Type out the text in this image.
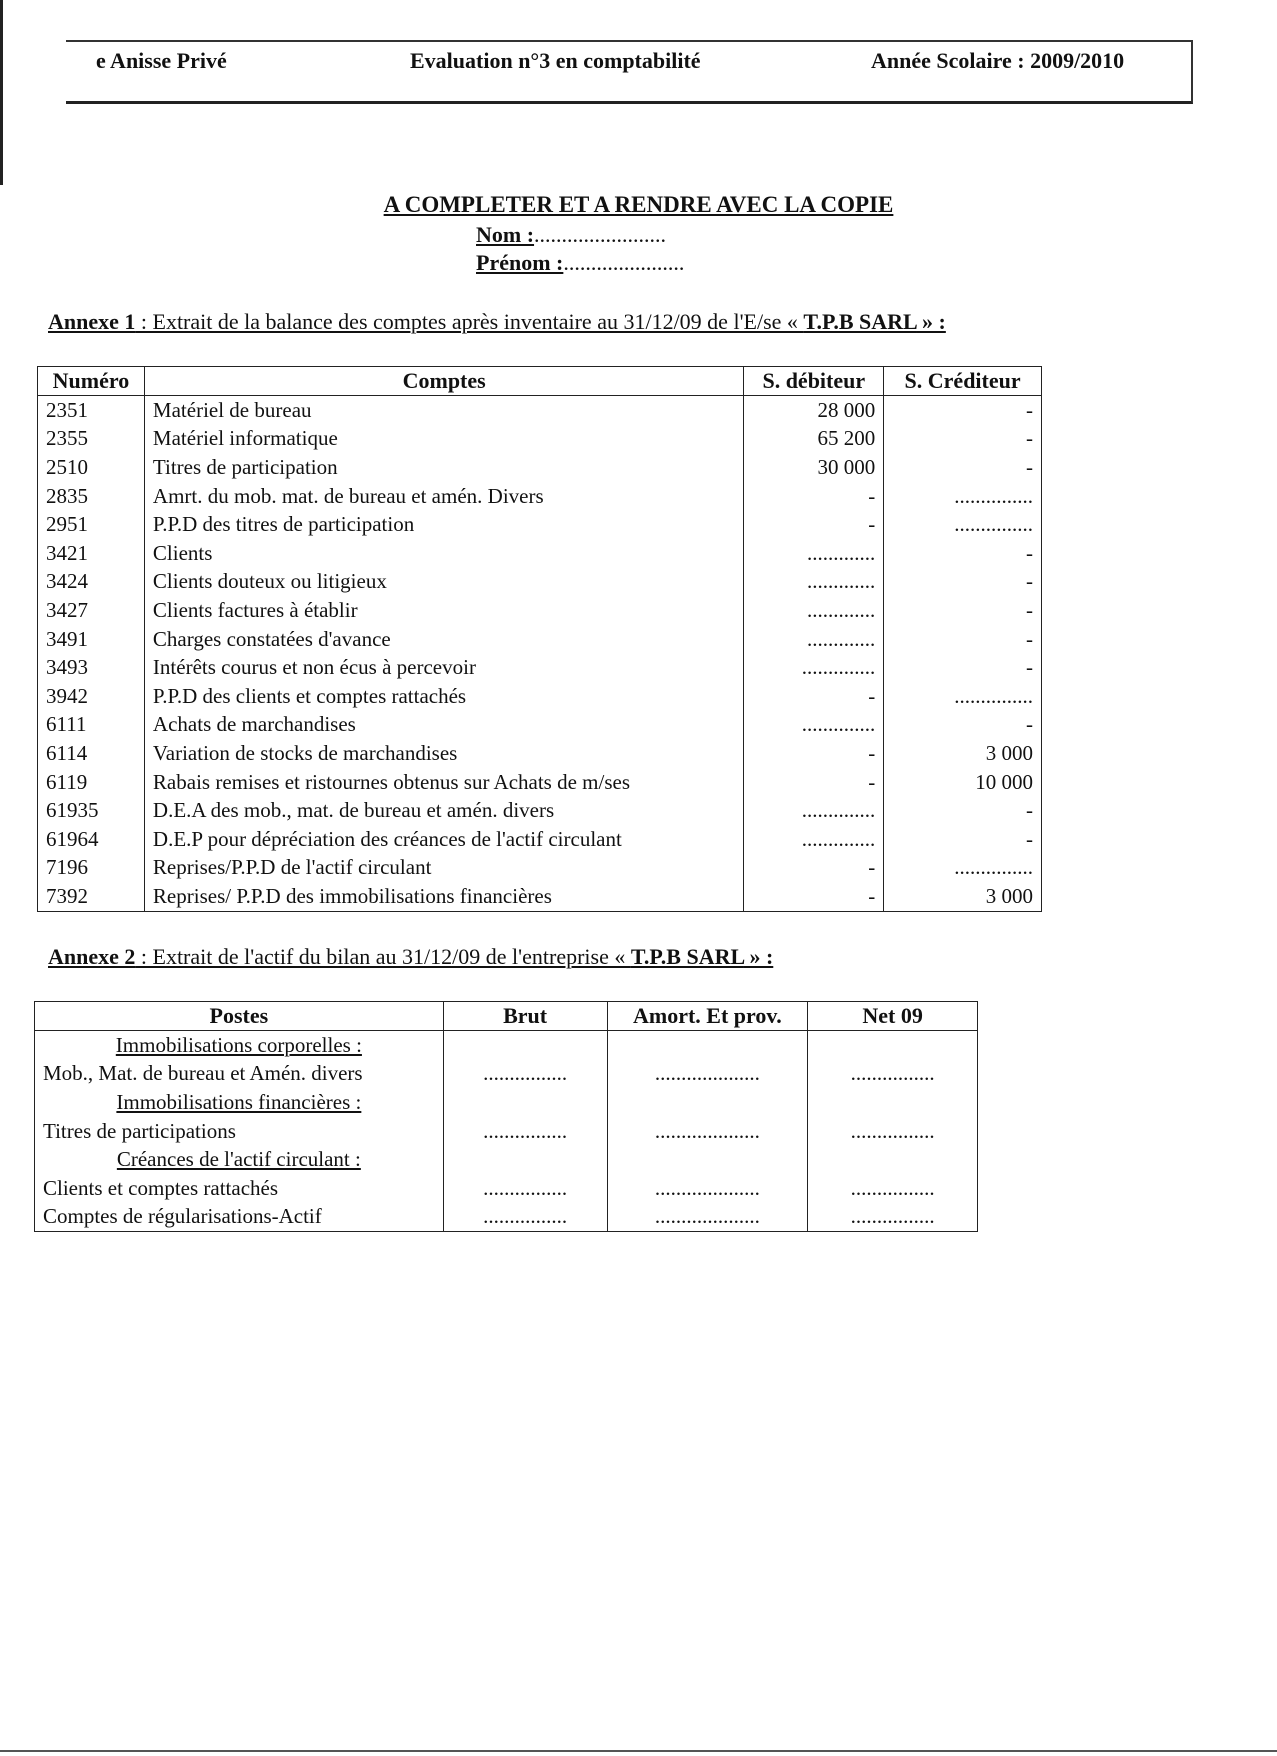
e Anisse Privé	Evaluation n°3 en comptabilité	Année Scolaire : 2009/2010
A COMPLETER ET A RENDRE AVEC LA COPIE
Nom :........................
Prénom :......................
Annexe 1 : Extrait de la balance des comptes après inventaire au 31/12/09 de l'E/se « T.P.B SARL » :
Numéro	Comptes	S. débiteur	S. Créditeur
2351	Matériel de bureau	28 000	-
2355	Matériel informatique	65 200	-
2510	Titres de participation	30 000	-
2835	Amrt. du mob. mat. de bureau et amén. Divers	-	...............
2951	P.P.D des titres de participation	-	...............
3421	Clients	.............	-
3424	Clients douteux ou litigieux	.............	-
3427	Clients factures à établir	.............	-
3491	Charges constatées d'avance	.............	-
3493	Intérêts courus et non écus à percevoir	..............	-
3942	P.P.D des clients et comptes rattachés	-	...............
6111	Achats de marchandises	..............	-
6114	Variation de stocks de marchandises	-	3 000
6119	Rabais remises et ristournes obtenus sur Achats de m/ses	-	10 000
61935	D.E.A des mob., mat. de bureau et amén. divers	..............	-
61964	D.E.P pour dépréciation des créances de l'actif circulant	..............	-
7196	Reprises/P.P.D de l'actif circulant	-	...............
7392	Reprises/ P.P.D des immobilisations financières	-	3 000
Annexe 2 : Extrait de l'actif du bilan au 31/12/09 de l'entreprise « T.P.B SARL » :
Postes	Brut	Amort. Et prov.	Net 09
Immobilisations corporelles :			
Mob., Mat. de bureau et Amén. divers	................	....................	................
Immobilisations financières :			
Titres de participations	................	....................	................
Créances de l'actif circulant :			
Clients et comptes rattachés	................	....................	................
Comptes de régularisations-Actif	................	....................	................
